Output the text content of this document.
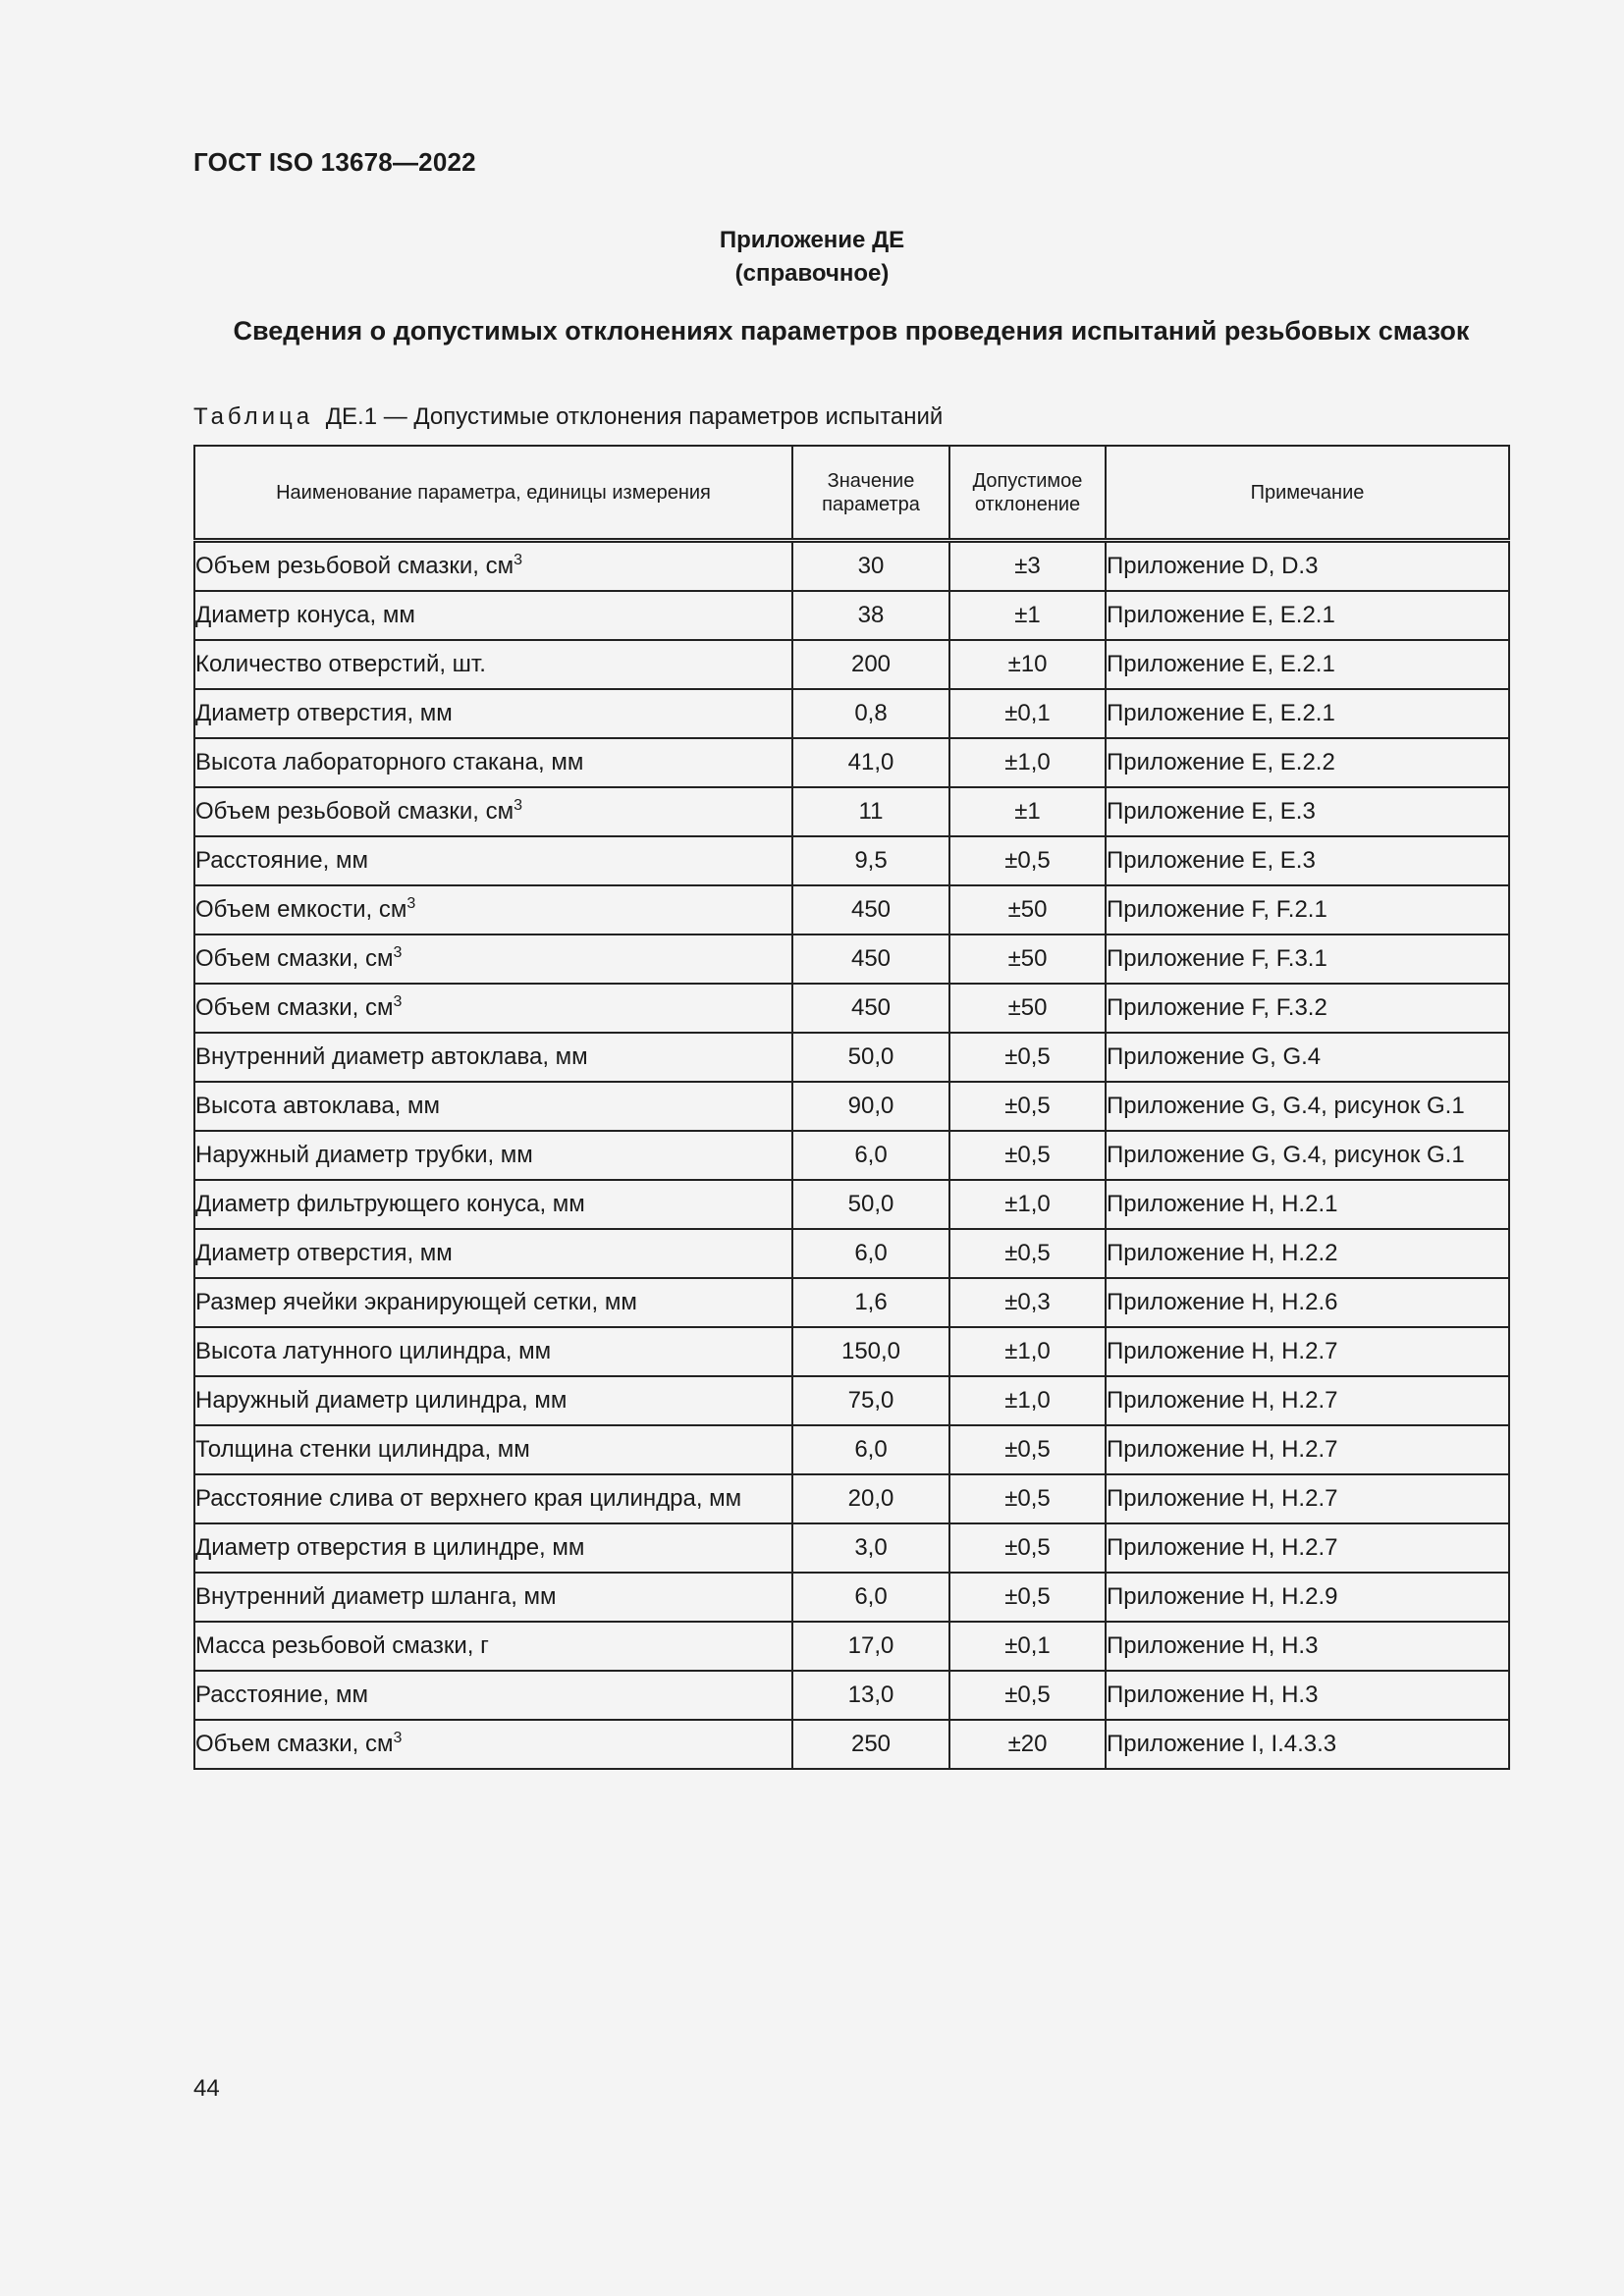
ГОСТ ISO 13678—2022
Приложение ДЕ
(справочное)
Сведения о допустимых отклонениях параметров проведения испытаний резьбовых смазок
Таблица ДЕ.1 — Допустимые отклонения параметров испытаний
Наименование параметра, единицы измерения	Значение параметра	Допустимое отклонение	Примечание
Объем резьбовой смазки, $см^3$	30	±3	Приложение D, D.3
Диаметр конуса, мм	38	±1	Приложение E, E.2.1
Количество отверстий, шт.	200	±10	Приложение E, E.2.1
Диаметр отверстия, мм	0,8	±0,1	Приложение E, E.2.1
Высота лабораторного стакана, мм	41,0	±1,0	Приложение E, E.2.2
Объем резьбовой смазки, $см^3$	11	±1	Приложение E, E.3
Расстояние, мм	9,5	±0,5	Приложение E, E.3
Объем емкости, $см^3$	450	±50	Приложение F, F.2.1
Объем смазки, $см^3$	450	±50	Приложение F, F.3.1
Объем смазки, $см^3$	450	±50	Приложение F, F.3.2
Внутренний диаметр автоклава, мм	50,0	±0,5	Приложение G, G.4
Высота автоклава, мм	90,0	±0,5	Приложение G, G.4, рисунок G.1
Наружный диаметр трубки, мм	6,0	±0,5	Приложение G, G.4, рисунок G.1
Диаметр фильтрующего конуса, мм	50,0	±1,0	Приложение H, H.2.1
Диаметр отверстия, мм	6,0	±0,5	Приложение H, H.2.2
Размер ячейки экранирующей сетки, мм	1,6	±0,3	Приложение H, H.2.6
Высота латунного цилиндра, мм	150,0	±1,0	Приложение H, H.2.7
Наружный диаметр цилиндра, мм	75,0	±1,0	Приложение H, H.2.7
Толщина стенки цилиндра, мм	6,0	±0,5	Приложение H, H.2.7
Расстояние слива от верхнего края цилиндра, мм	20,0	±0,5	Приложение H, H.2.7
Диаметр отверстия в цилиндре, мм	3,0	±0,5	Приложение H, H.2.7
Внутренний диаметр шланга, мм	6,0	±0,5	Приложение H, H.2.9
Масса резьбовой смазки, г	17,0	±0,1	Приложение H, H.3
Расстояние, мм	13,0	±0,5	Приложение H, H.3
Объем смазки, $см^3$	250	±20	Приложение I, I.4.3.3
44
